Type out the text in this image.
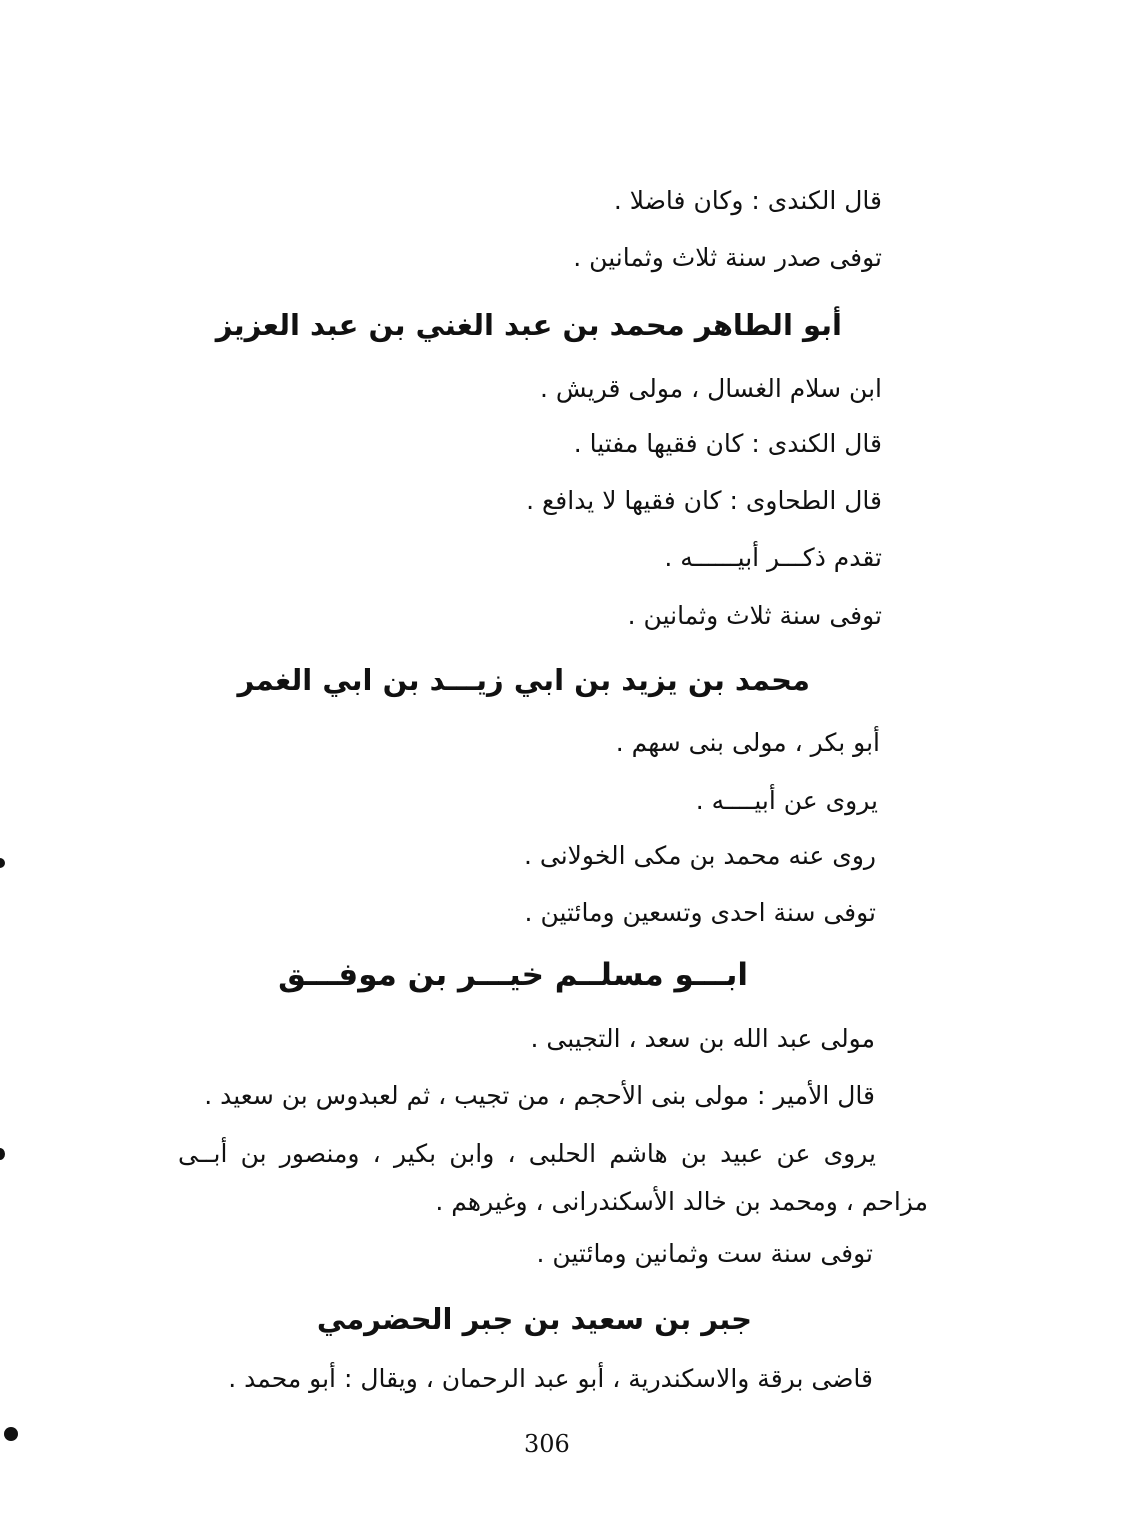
قال الكندى : وكان فاضلا .
توفى صدر سنة ثلاث وثمانين .
أبو الطاهر محمد بن عبد الغني بن عبد العزيز
ابن سلام الغسال ، مولى قريش .
قال الكندى : كان فقيها مفتيا .
قال الطحاوى : كان فقيها لا يدافع .
تقدم ذكـــر أبيــــــه .
توفى سنة ثلاث وثمانين .
محمد بن يزيد بن ابي زيـــد بن ابي الغمر
أبو بكر ، مولى بنى سهم .
يروى عن أبيــــه .
روى عنه محمد بن مكى الخولانى .
توفى سنة احدى وتسعين ومائتين .
ابـــو مسلــم خيـــر بن موفـــق
مولى عبد الله بن سعد ، التجيبى .
قال الأمير : مولى بنى الأحجم ، من تجيب ، ثم لعبدوس بن سعيد .
يروى عن عبيد بن هاشم الحلبى ، وابن بكير ، ومنصور بن أبــى
مزاحم ، ومحمد بن خالد الأسكندرانى ، وغيرهم .
توفى سنة ست وثمانين ومائتين .
جبر بن سعيد بن جبر الحضرمي
قاضى برقة والاسكندرية ، أبو عبد الرحمان ، ويقال : أبو محمد .
306
